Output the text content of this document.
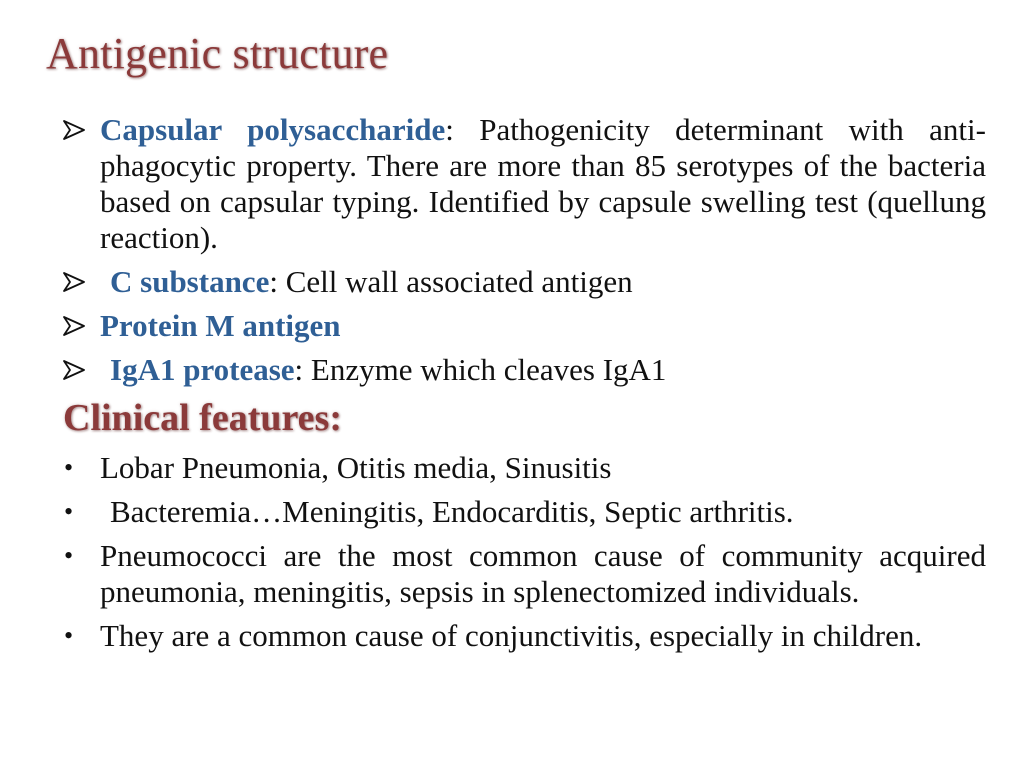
Antigenic structure
Capsular polysaccharide: Pathogenicity determinant with anti-phagocytic property. There are more than 85 serotypes of the bacteria based on capsular typing. Identified by capsule swelling test (quellung reaction).
C substance: Cell wall associated antigen
Protein M antigen
IgA1 protease: Enzyme which cleaves IgA1
Clinical features:
• Lobar Pneumonia, Otitis media, Sinusitis
•	Bacteremia…Meningitis, Endocarditis, Septic arthritis.
• Pneumococci are the most common cause of community acquired pneumonia, meningitis, sepsis in splenectomized individuals.
• They are a common cause of conjunctivitis, especially in children.
